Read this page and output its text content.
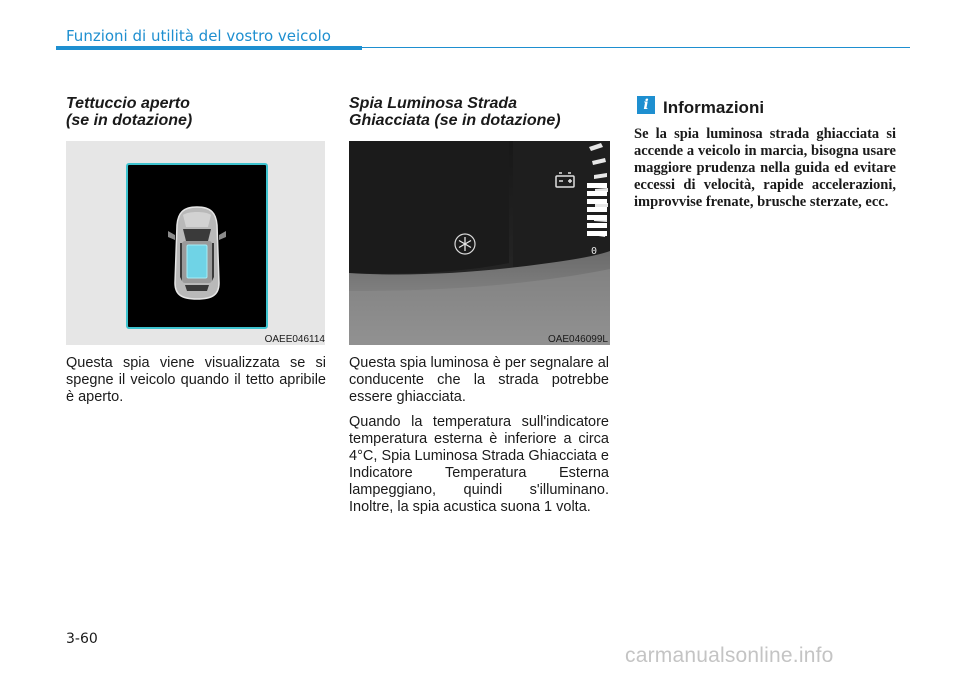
Funzioni di utilità del vostro veicolo
Tettuccio aperto
(se in dotazione)
OAEE046114

Questa spia viene visualizzata se si spegne il veicolo quando il tetto apribile è aperto.

Spia Luminosa Strada
Ghiacciata (se in dotazione)
0
OAE046099L

Questa spia luminosa è per segnalare al conducente che la strada potrebbe essere ghiacciata.

Quando la temperatura sull'indicatore temperatura esterna è inferiore a circa 4°C, Spia Luminosa Strada Ghiacciata e Indicatore Temperatura Esterna lampeggiano, quindi s'illuminano. Inoltre, la spia acustica suona 1 volta.

i Informazioni
Se la spia luminosa strada ghiacciata si accende a veicolo in marcia, bisogna usare maggiore prudenza nella guida ed evitare eccessi di velocità, rapide accelerazioni, improvvise frenate, brusche sterzate, ecc.
3-60
carmanualsonline.info
